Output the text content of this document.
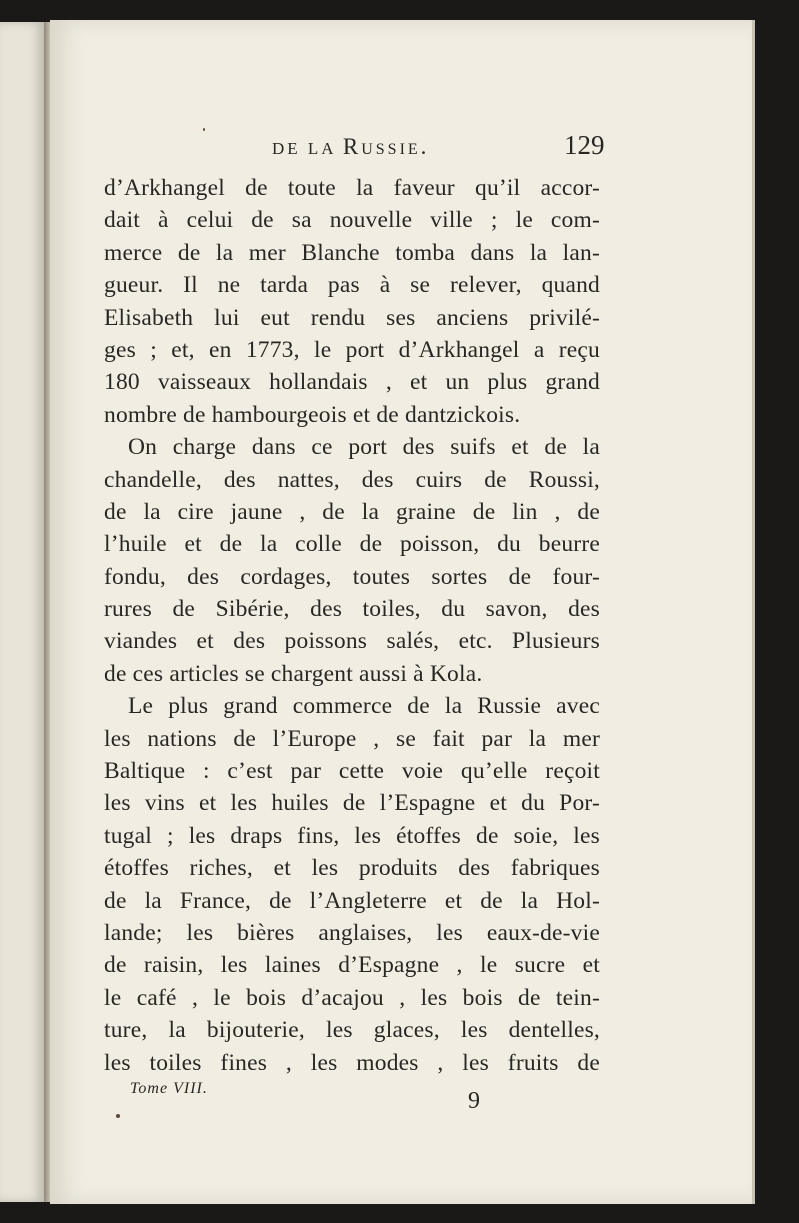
DE LA Russie.	129
d’Arkhangel de toute la faveur qu’il accor-
dait à celui de sa nouvelle ville ; le com-
merce de la mer Blanche tomba dans la lan-
gueur. Il ne tarda pas à se relever, quand
Elisabeth lui eut rendu ses anciens privilé-
ges ; et, en 1773, le port d’Arkhangel a reçu
180 vaisseaux hollandais , et un plus grand
nombre de hambourgeois et de dantzickois.
On charge dans ce port des suifs et de la
chandelle, des nattes, des cuirs de Roussi,
de la cire jaune , de la graine de lin , de
l’huile et de la colle de poisson, du beurre
fondu, des cordages, toutes sortes de four-
rures de Sibérie, des toiles, du savon, des
viandes et des poissons salés, etc. Plusieurs
de ces articles se chargent aussi à Kola.
Le plus grand commerce de la Russie avec
les nations de l’Europe , se fait par la mer
Baltique : c’est par cette voie qu’elle reçoit
les vins et les huiles de l’Espagne et du Por-
tugal ; les draps fins, les étoffes de soie, les
étoffes riches, et les produits des fabriques
de la France, de l’Angleterre et de la Hol-
lande; les bières anglaises, les eaux-de-vie
de raisin, les laines d’Espagne , le sucre et
le café , le bois d’acajou , les bois de tein-
ture, la bijouterie, les glaces, les dentelles,
les toiles fines , les modes , les fruits de
Tome VIII.	9
